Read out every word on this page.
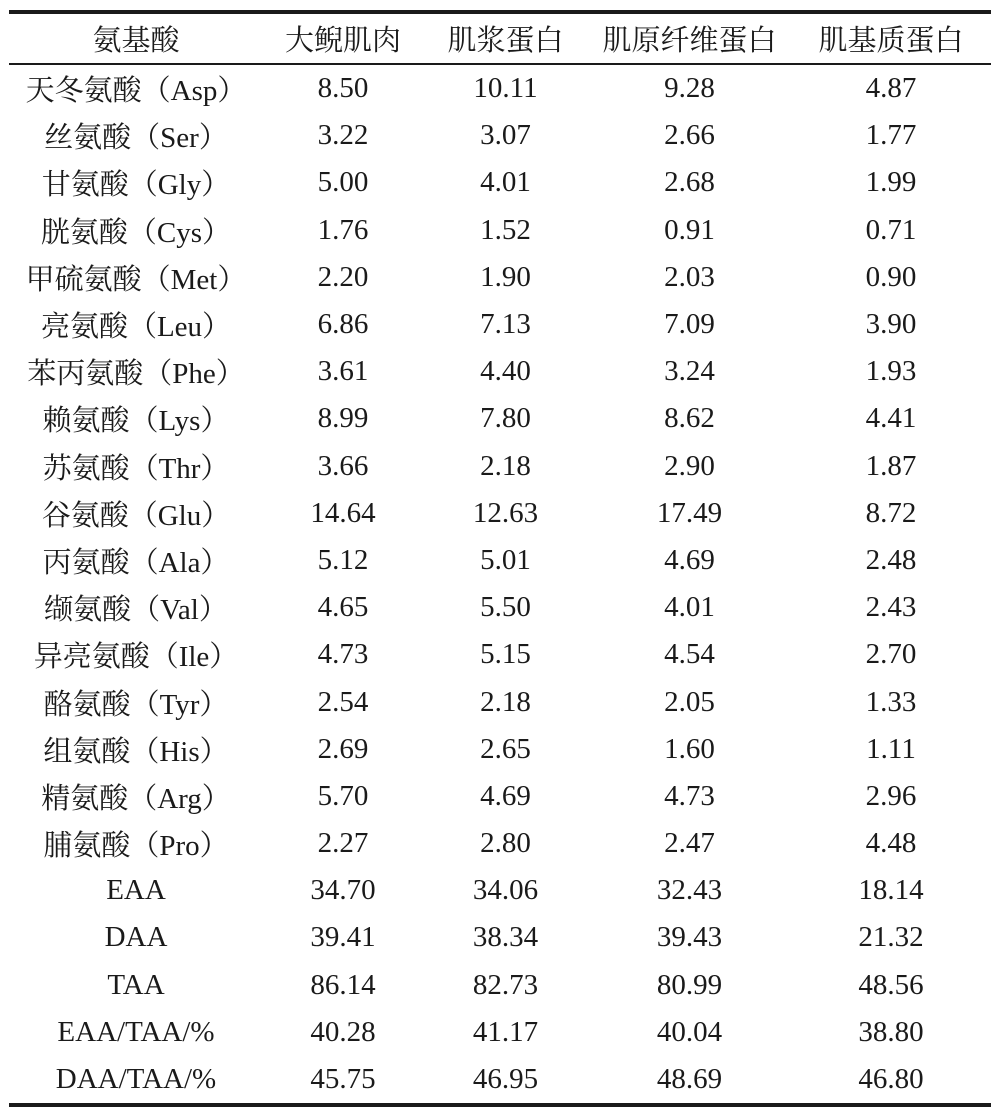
氨基酸	大鲵肌肉	肌浆蛋白	肌原纤维蛋白	肌基质蛋白
天冬氨酸（Asp）	8.50	10.11	9.28	4.87
丝氨酸（Ser）	3.22	3.07	2.66	1.77
甘氨酸（Gly）	5.00	4.01	2.68	1.99
胱氨酸（Cys）	1.76	1.52	0.91	0.71
甲硫氨酸（Met）	2.20	1.90	2.03	0.90
亮氨酸（Leu）	6.86	7.13	7.09	3.90
苯丙氨酸（Phe）	3.61	4.40	3.24	1.93
赖氨酸（Lys）	8.99	7.80	8.62	4.41
苏氨酸（Thr）	3.66	2.18	2.90	1.87
谷氨酸（Glu）	14.64	12.63	17.49	8.72
丙氨酸（Ala）	5.12	5.01	4.69	2.48
缬氨酸（Val）	4.65	5.50	4.01	2.43
异亮氨酸（Ile）	4.73	5.15	4.54	2.70
酪氨酸（Tyr）	2.54	2.18	2.05	1.33
组氨酸（His）	2.69	2.65	1.60	1.11
精氨酸（Arg）	5.70	4.69	4.73	2.96
脯氨酸（Pro）	2.27	2.80	2.47	4.48
EAA	34.70	34.06	32.43	18.14
DAA	39.41	38.34	39.43	21.32
TAA	86.14	82.73	80.99	48.56
EAA/TAA/%	40.28	41.17	40.04	38.80
DAA/TAA/%	45.75	46.95	48.69	46.80
